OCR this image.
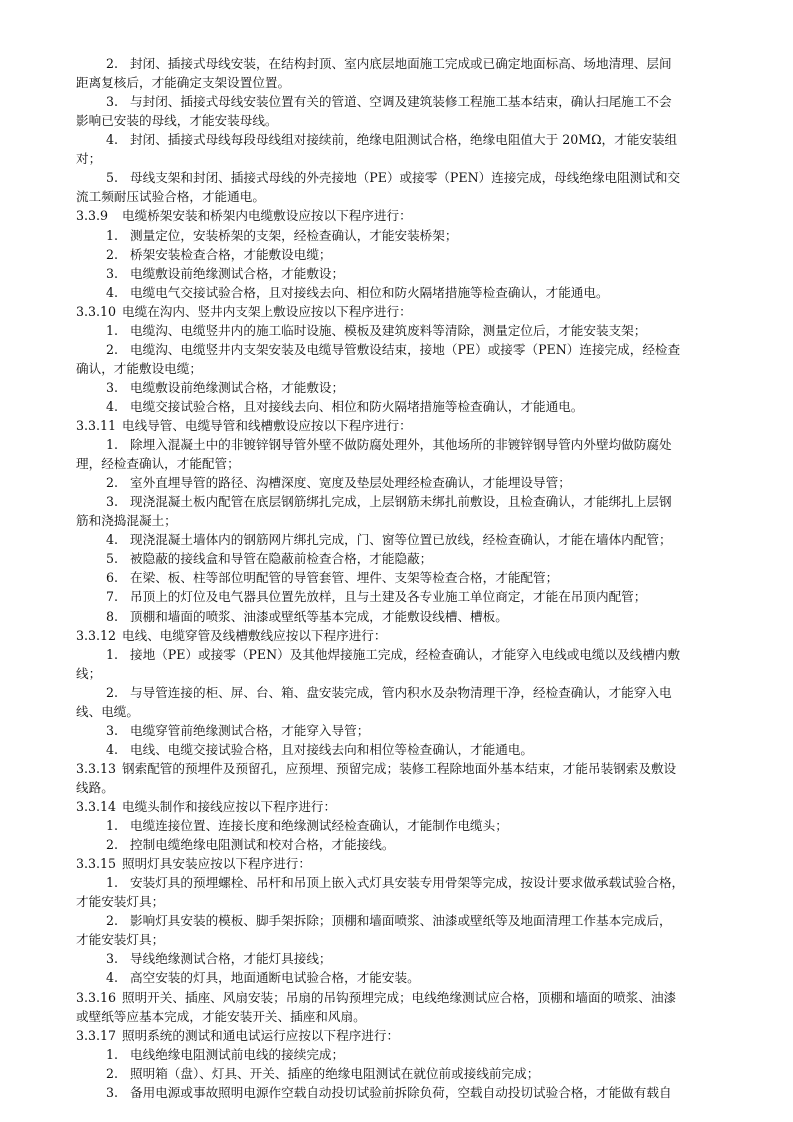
2. 封闭、插接式母线安装，在结构封顶、室内底层地面施工完成或已确定地面标高、场地清理、层间
距离复核后，才能确定支架设置位置。
3. 与封闭、插接式母线安装位置有关的管道、空调及建筑装修工程施工基本结束，确认扫尾施工不会
影响已安装的母线，才能安装母线。
4. 封闭、插接式母线每段母线组对接续前，绝缘电阻测试合格，绝缘电阻值大于 20MΩ，才能安装组
对；
5. 母线支架和封闭、插接式母线的外壳接地（PE）或接零（PEN）连接完成，母线绝缘电阻测试和交
流工频耐压试验合格，才能通电。
3.3.9 电缆桥架安装和桥架内电缆敷设应按以下程序进行：
1. 测量定位，安装桥架的支架，经检查确认，才能安装桥架；
2. 桥架安装检查合格，才能敷设电缆；
3. 电缆敷设前绝缘测试合格，才能敷设；
4. 电缆电气交接试验合格，且对接线去向、相位和防火隔堵措施等检查确认，才能通电。
3.3.10 电缆在沟内、竖井内支架上敷设应按以下程序进行：
1. 电缆沟、电缆竖井内的施工临时设施、模板及建筑废料等清除，测量定位后，才能安装支架；
2. 电缆沟、电缆竖井内支架安装及电缆导管敷设结束，接地（PE）或接零（PEN）连接完成，经检查
确认，才能敷设电缆；
3. 电缆敷设前绝缘测试合格，才能敷设；
4. 电缆交接试验合格，且对接线去向、相位和防火隔堵措施等检查确认，才能通电。
3.3.11 电线导管、电缆导管和线槽敷设应按以下程序进行：
1. 除埋入混凝土中的非镀锌钢导管外壁不做防腐处理外，其他场所的非镀锌钢导管内外壁均做防腐处
理，经检查确认，才能配管；
2. 室外直埋导管的路径、沟槽深度、宽度及垫层处理经检查确认，才能埋设导管；
3. 现浇混凝土板内配管在底层钢筋绑扎完成，上层钢筋未绑扎前敷设，且检查确认，才能绑扎上层钢
筋和浇捣混凝土；
4. 现浇混凝土墙体内的钢筋网片绑扎完成，门、窗等位置已放线，经检查确认，才能在墙体内配管；
5. 被隐蔽的接线盒和导管在隐蔽前检查合格，才能隐蔽；
6. 在梁、板、柱等部位明配管的导管套管、埋件、支架等检查合格，才能配管；
7. 吊顶上的灯位及电气器具位置先放样，且与土建及各专业施工单位商定，才能在吊顶内配管；
8. 顶棚和墙面的喷浆、油漆或壁纸等基本完成，才能敷设线槽、槽板。
3.3.12 电线、电缆穿管及线槽敷线应按以下程序进行：
1. 接地（PE）或接零（PEN）及其他焊接施工完成，经检查确认，才能穿入电线或电缆以及线槽内敷
线；
2. 与导管连接的柜、屏、台、箱、盘安装完成，管内积水及杂物清理干净，经检查确认，才能穿入电
线、电缆。
3. 电缆穿管前绝缘测试合格，才能穿入导管；
4. 电线、电缆交接试验合格，且对接线去向和相位等检查确认，才能通电。
3.3.13 钢索配管的预埋件及预留孔，应预埋、预留完成；装修工程除地面外基本结束，才能吊装钢索及敷设
线路。
3.3.14 电缆头制作和接线应按以下程序进行：
1. 电缆连接位置、连接长度和绝缘测试经检查确认，才能制作电缆头；
2. 控制电缆绝缘电阻测试和校对合格，才能接线。
3.3.15 照明灯具安装应按以下程序进行：
1. 安装灯具的预埋螺栓、吊杆和吊顶上嵌入式灯具安装专用骨架等完成，按设计要求做承载试验合格，
才能安装灯具；
2. 影响灯具安装的模板、脚手架拆除；顶棚和墙面喷浆、油漆或壁纸等及地面清理工作基本完成后，
才能安装灯具；
3. 导线绝缘测试合格，才能灯具接线；
4. 高空安装的灯具，地面通断电试验合格，才能安装。
3.3.16 照明开关、插座、风扇安装；吊扇的吊钩预埋完成；电线绝缘测试应合格，顶棚和墙面的喷浆、油漆
或壁纸等应基本完成，才能安装开关、插座和风扇。
3.3.17 照明系统的测试和通电试运行应按以下程序进行：
1. 电线绝缘电阻测试前电线的接续完成；
2. 照明箱（盘）、灯具、开关、插座的绝缘电阻测试在就位前或接线前完成；
3. 备用电源或事故照明电源作空载自动投切试验前拆除负荷，空载自动投切试验合格，才能做有载自
